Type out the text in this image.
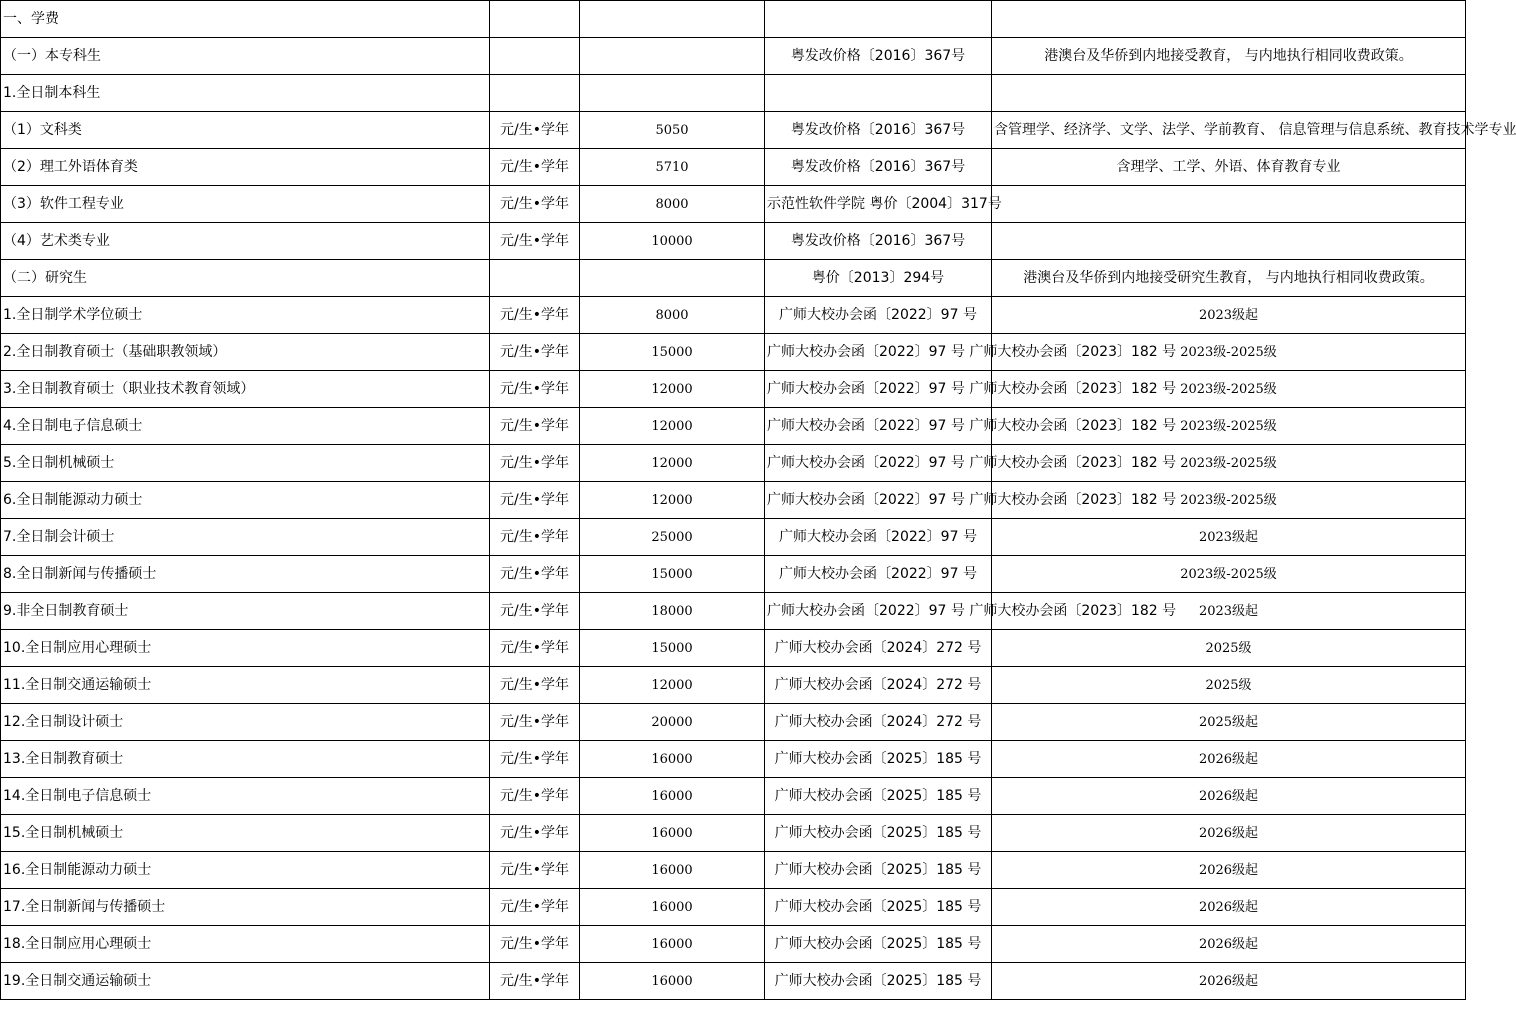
一、学费				
（一）本专科生			粤发改价格〔2016〕367号	港澳台及华侨到内地接受教育， 与内地执行相同收费政策。
1.全日制本科生				
（1）文科类	元/生•学年	5050	粤发改价格〔2016〕367号	含管理学、经济学、文学、法学、学前教育、 信息管理与信息系统、教育技术学专业
（2）理工外语体育类	元/生•学年	5710	粤发改价格〔2016〕367号	含理学、工学、外语、体育教育专业
（3）软件工程专业	元/生•学年	8000	示范性软件学院 粤价〔2004〕317号	
（4）艺术类专业	元/生•学年	10000	粤发改价格〔2016〕367号	
（二）研究生			粤价〔2013〕294号	港澳台及华侨到内地接受研究生教育， 与内地执行相同收费政策。
1.全日制学术学位硕士	元/生•学年	8000	广师大校办会函〔2022〕97 号	2023级起
2.全日制教育硕士（基础职教领域）	元/生•学年	15000	广师大校办会函〔2022〕97 号 广师大校办会函〔2023〕182 号	2023级-2025级
3.全日制教育硕士（职业技术教育领域）	元/生•学年	12000	广师大校办会函〔2022〕97 号 广师大校办会函〔2023〕182 号	2023级-2025级
4.全日制电子信息硕士	元/生•学年	12000	广师大校办会函〔2022〕97 号 广师大校办会函〔2023〕182 号	2023级-2025级
5.全日制机械硕士	元/生•学年	12000	广师大校办会函〔2022〕97 号 广师大校办会函〔2023〕182 号	2023级-2025级
6.全日制能源动力硕士	元/生•学年	12000	广师大校办会函〔2022〕97 号 广师大校办会函〔2023〕182 号	2023级-2025级
7.全日制会计硕士	元/生•学年	25000	广师大校办会函〔2022〕97 号	2023级起
8.全日制新闻与传播硕士	元/生•学年	15000	广师大校办会函〔2022〕97 号	2023级-2025级
9.非全日制教育硕士	元/生•学年	18000	广师大校办会函〔2022〕97 号 广师大校办会函〔2023〕182 号	2023级起
10.全日制应用心理硕士	元/生•学年	15000	广师大校办会函〔2024〕272 号	2025级
11.全日制交通运输硕士	元/生•学年	12000	广师大校办会函〔2024〕272 号	2025级
12.全日制设计硕士	元/生•学年	20000	广师大校办会函〔2024〕272 号	2025级起
13.全日制教育硕士	元/生•学年	16000	广师大校办会函〔2025〕185 号	2026级起
14.全日制电子信息硕士	元/生•学年	16000	广师大校办会函〔2025〕185 号	2026级起
15.全日制机械硕士	元/生•学年	16000	广师大校办会函〔2025〕185 号	2026级起
16.全日制能源动力硕士	元/生•学年	16000	广师大校办会函〔2025〕185 号	2026级起
17.全日制新闻与传播硕士	元/生•学年	16000	广师大校办会函〔2025〕185 号	2026级起
18.全日制应用心理硕士	元/生•学年	16000	广师大校办会函〔2025〕185 号	2026级起
19.全日制交通运输硕士	元/生•学年	16000	广师大校办会函〔2025〕185 号	2026级起
